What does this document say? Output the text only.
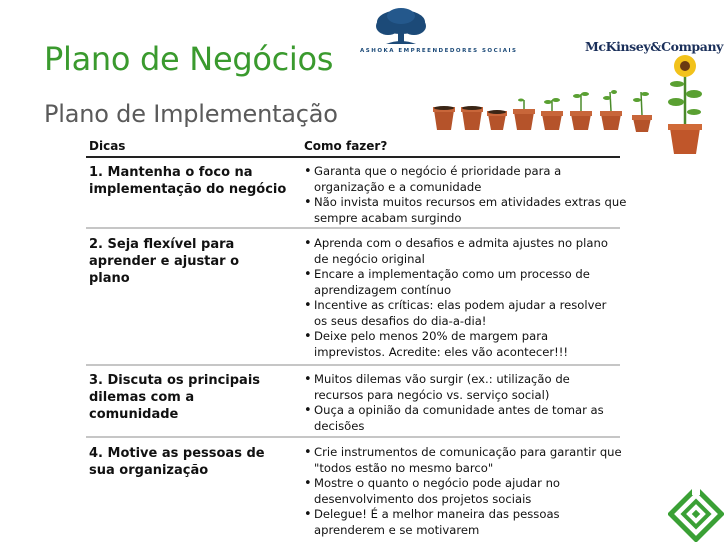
Plano de Negócios
Plano de Implementação
ASHOKA EMPREENDEDORES SOCIAIS	McKinsey&Company
Dicas	Como fazer?
1. Mantenha o foco na
implementação do negócio
• Garanta que o negócio é prioridade para a
organização e a comunidade
• Não invista muitos recursos em atividades extras que
sempre acabam surgindo
2. Seja flexível para
aprender e ajustar o
plano
• Aprenda com o desafios e admita ajustes no plano
de negócio original
• Encare a implementação como um processo de
aprendizagem contínuo
• Incentive as críticas: elas podem ajudar a resolver
os seus desafios do dia-a-dia!
• Deixe pelo menos 20% de margem para
imprevistos. Acredite: eles vão acontecer!!!
3. Discuta os principais
dilemas com a
comunidade
• Muitos dilemas vão surgir (ex.: utilização de
recursos para negócio vs. serviço social)
• Ouça a opinião da comunidade antes de tomar as
decisões
4. Motive as pessoas de
sua organização
• Crie instrumentos de comunicação para garantir que
"todos estão no mesmo barco"
• Mostre o quanto o negócio pode ajudar no
desenvolvimento dos projetos sociais
• Delegue! É a melhor maneira das pessoas
aprenderem e se motivarem
